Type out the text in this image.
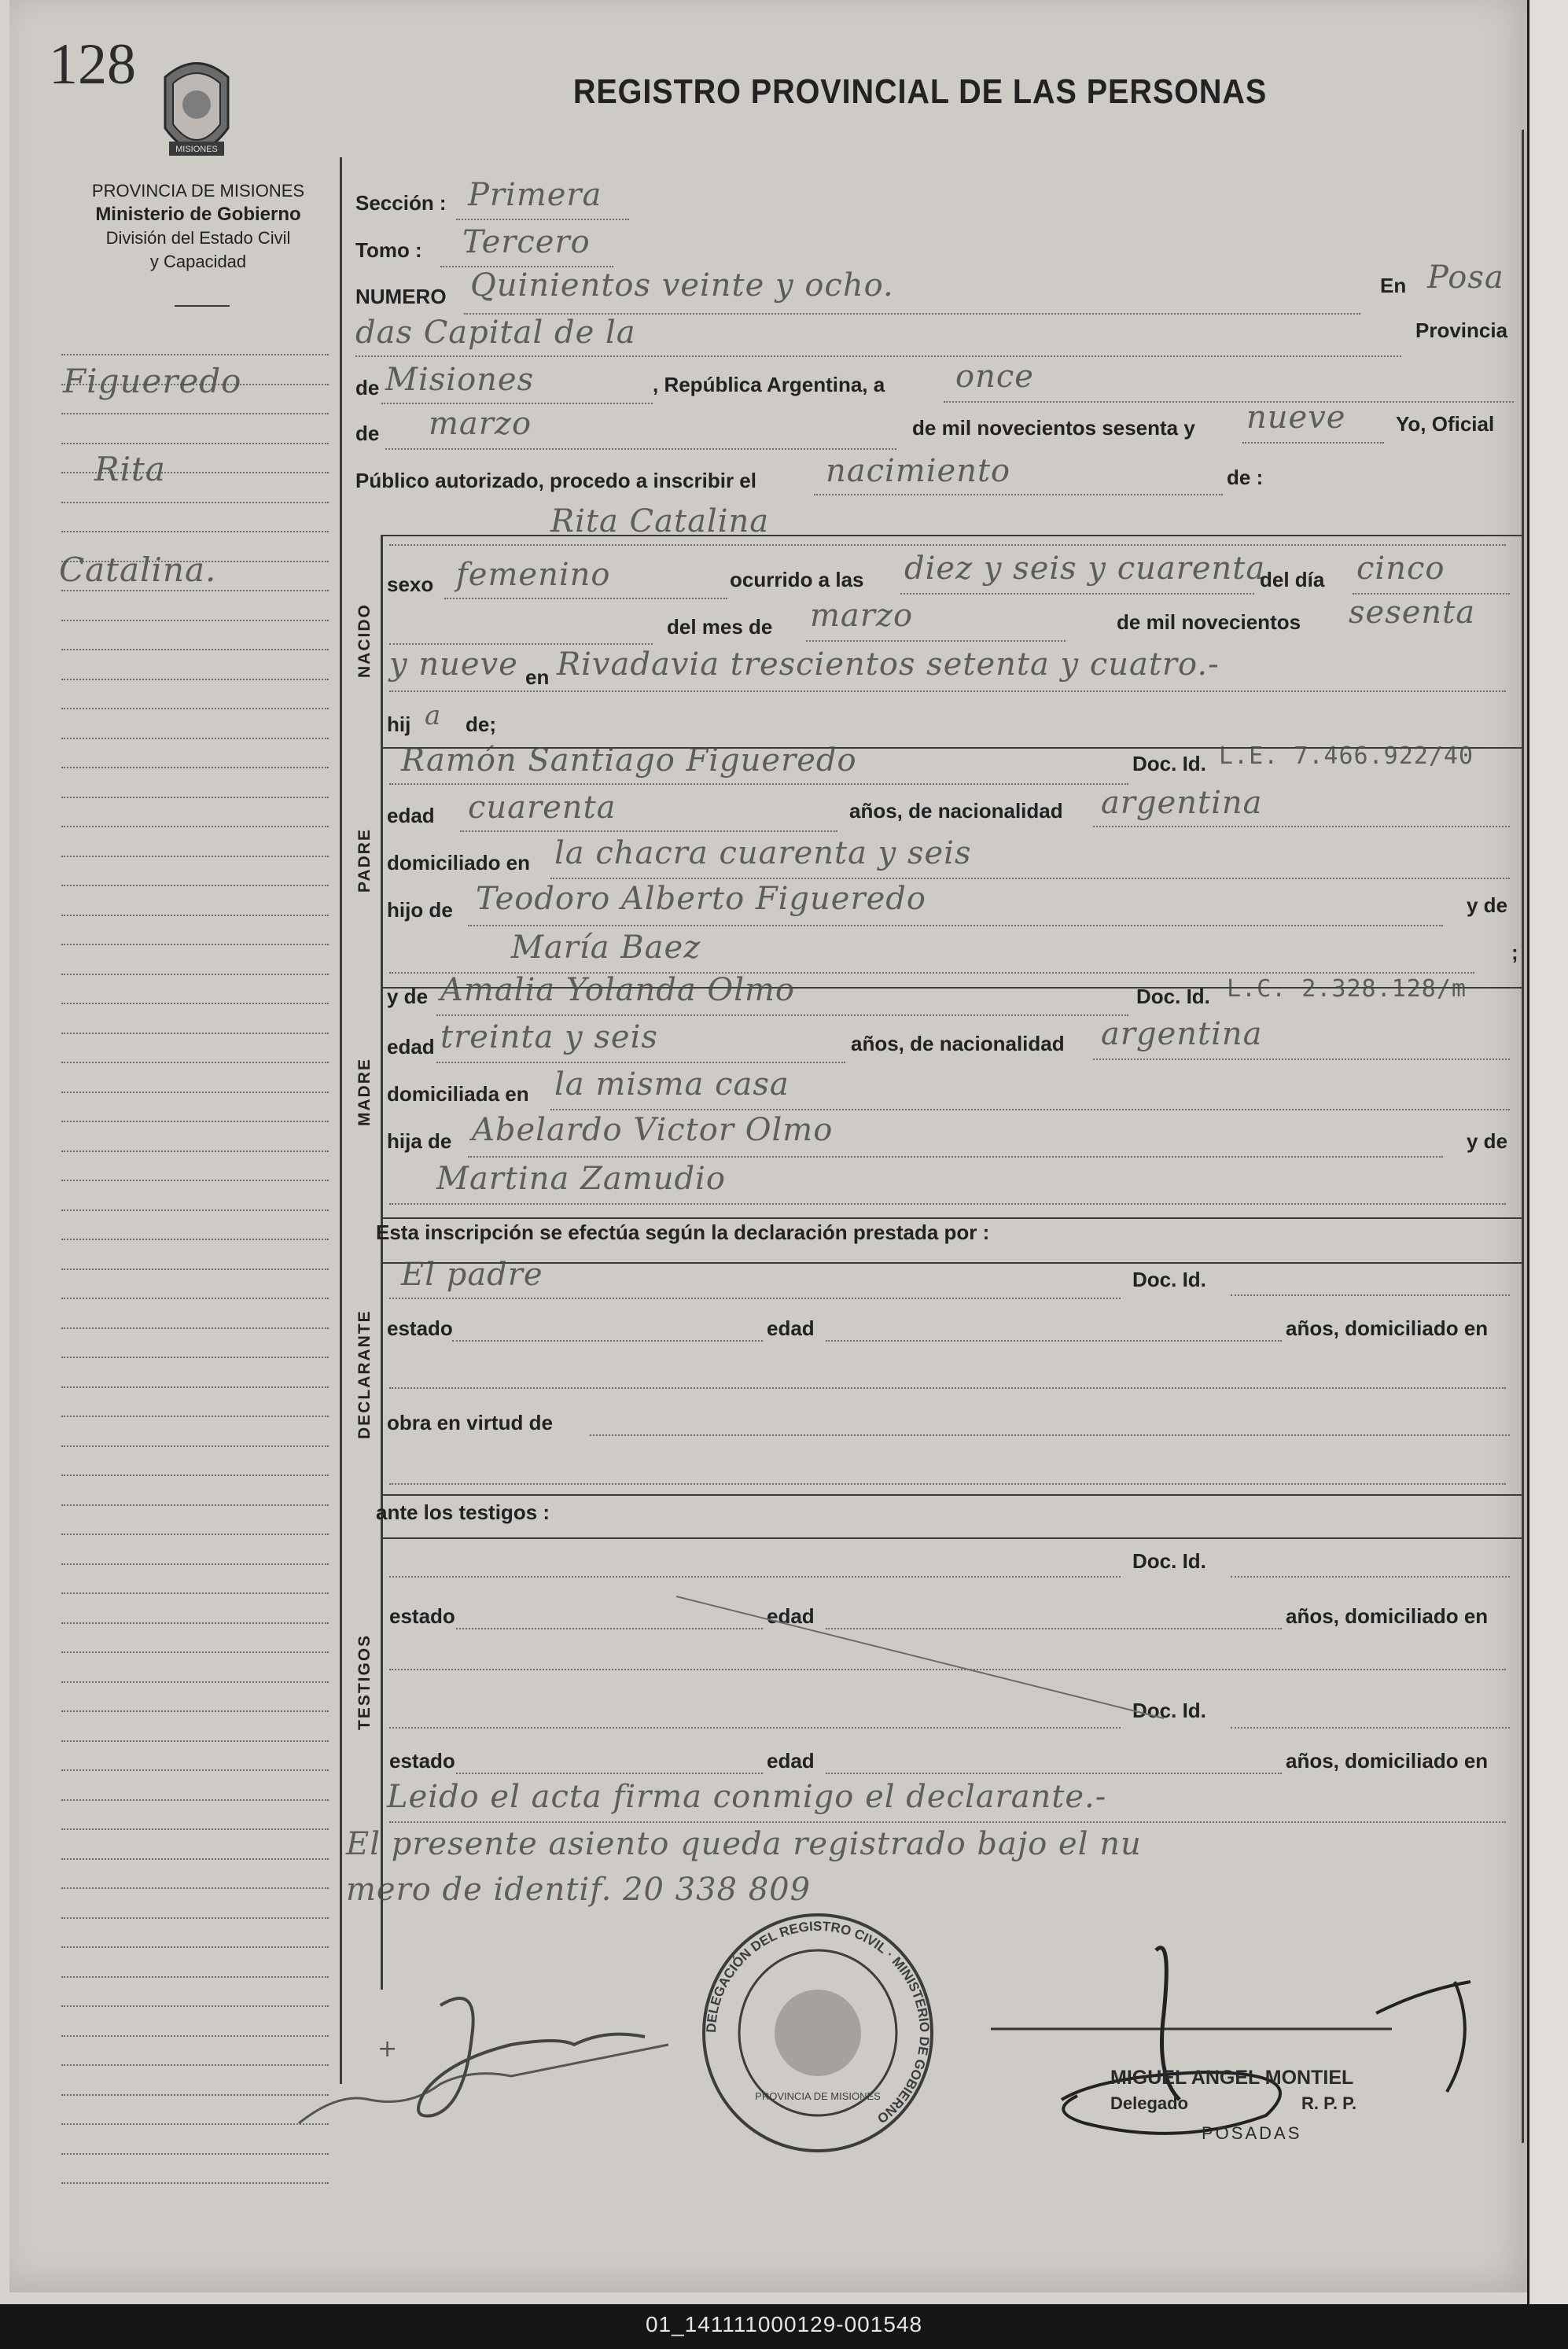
128
MISIONES
REGISTRO PROVINCIAL DE LAS PERSONAS
PROVINCIA DE MISIONES
Ministerio de Gobierno
División del Estado Civil
y Capacidad
Figueredo
Rita
Catalina.
Sección : Primera
Tomo : Tercero
NUMERO Quinientos veinte y ocho.	En Posa
das Capital de la	Provincia
de Misiones	, República Argentina, a once
de marzo	de mil novecientos sesenta y nueve Yo, Oficial
Público autorizado, procedo a inscribir el nacimiento	de :
NACIDO
Rita Catalina
sexo femenino	ocurrido a las diez y seis y cuarenta
del día cinco
del mes de marzo	de mil novecientos sesenta
y nueve en Rivadavia trescientos setenta y cuatro.-
hij a de;
PADRE
Ramón Santiago Figueredo	Doc. Id. L.E. 7.466.922/40
edad cuarenta	años, de nacionalidad argentina
domiciliado en la chacra cuarenta y seis
hijo de Teodoro Alberto Figueredo	y de
María Baez	;
MADRE
y de Amalia Yolanda Olmo	Doc. Id. L.C. 2.328.128/m
edad treinta y seis	años, de nacionalidad argentina
domiciliada en la misma casa
hija de Abelardo Victor Olmo	y de
Martina Zamudio
Esta inscripción se efectúa según la declaración prestada por :
DECLARANTE
El padre	Doc. Id.
estado	edad	años, domiciliado en
obra en virtud de
ante los testigos :
TESTIGOS
Doc. Id.
estado	edad	años, domiciliado en
Doc. Id.
estado	edad	años, domiciliado en
Leido el acta firma conmigo el declarante.-
El presente asiento queda registrado bajo el nu
mero de identif. 20 338 809
+
DELEGACIÓN DEL REGISTRO CIVIL · MINISTERIO DE GOBIERNO
PROVINCIA DE MISIONES
MIGUEL ANGEL MONTIEL
Delegado	R. P. P.
POSADAS
01_141111000129-001548
